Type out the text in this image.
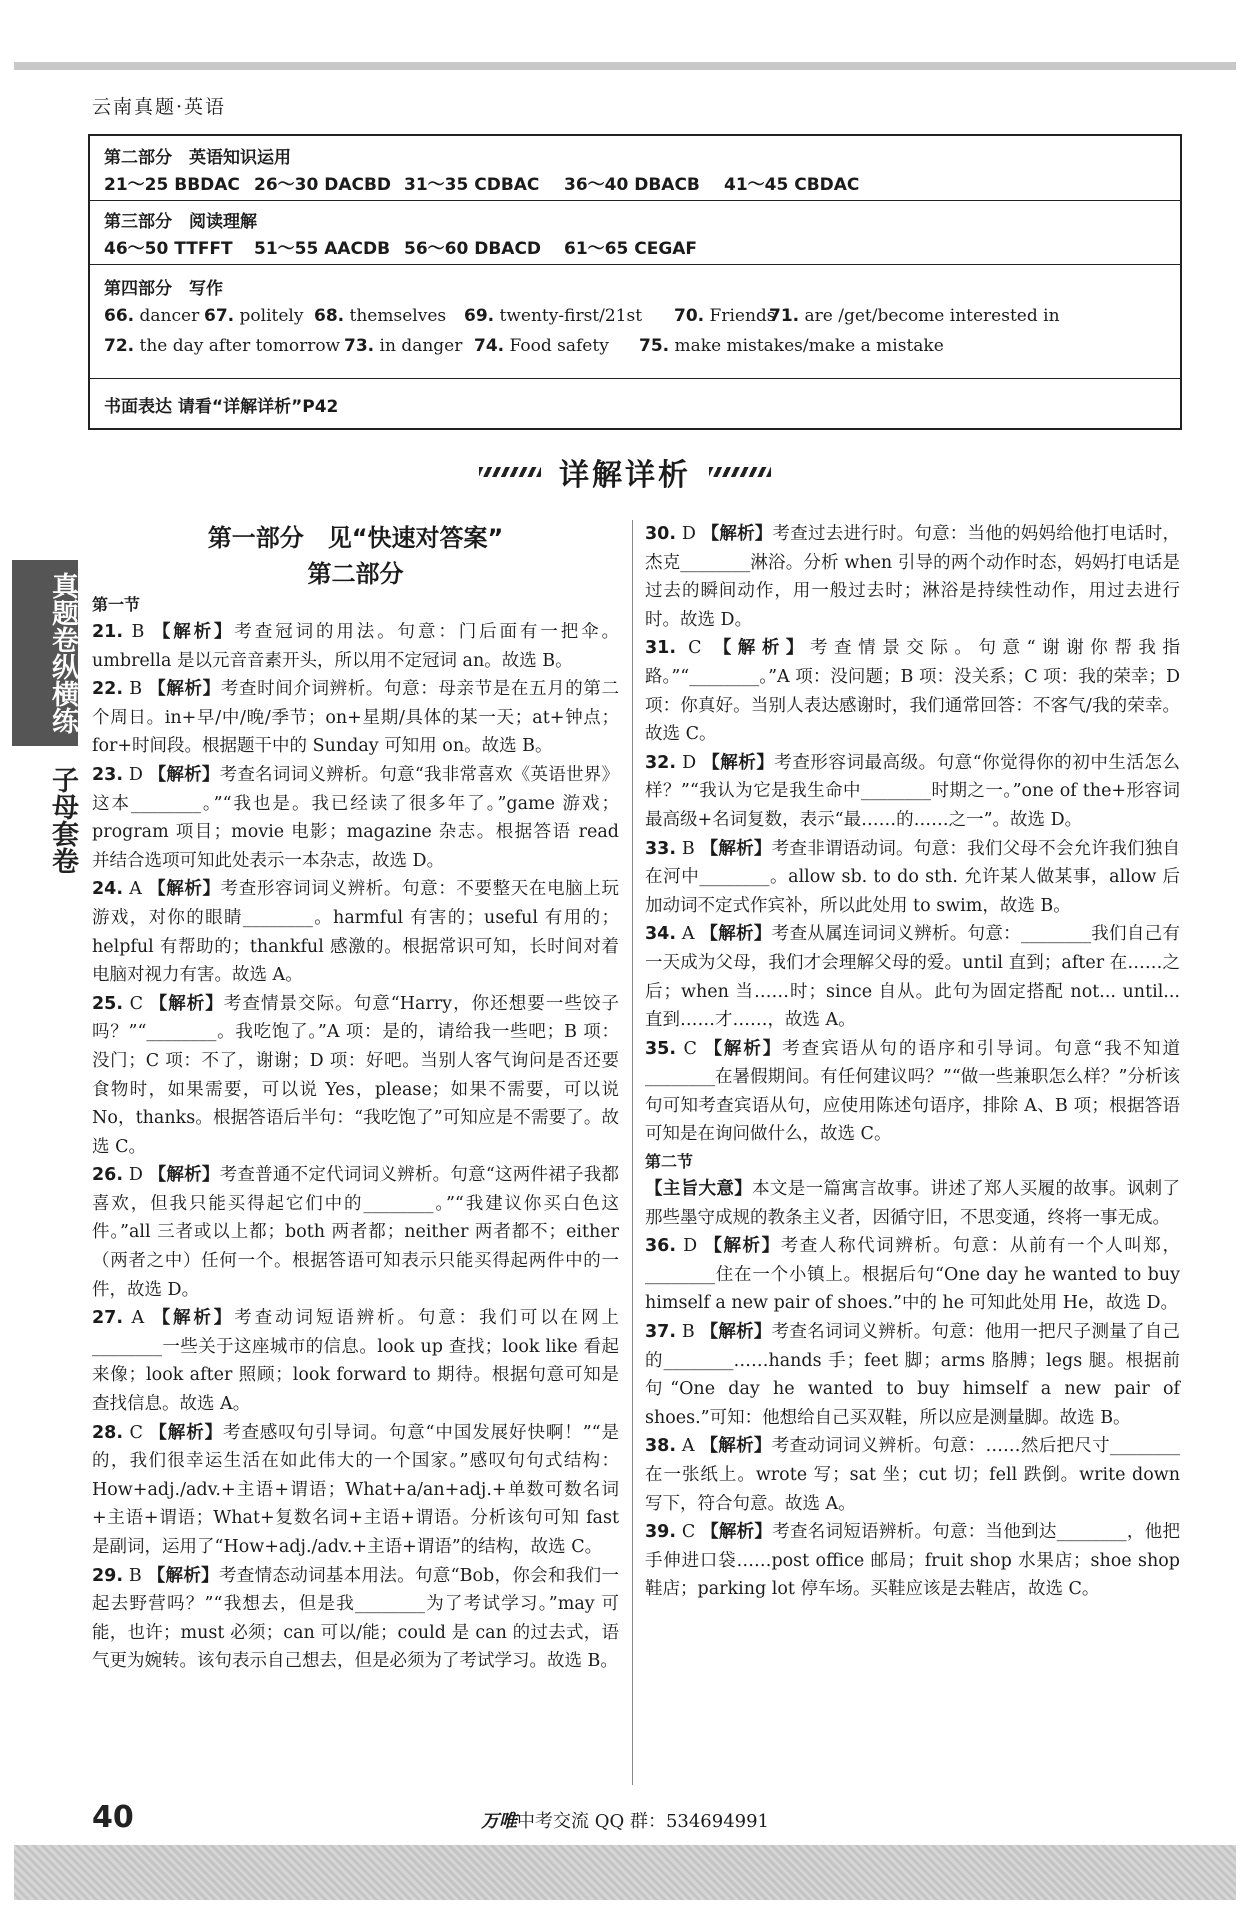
云南真题·英语
第二部分　英语知识运用
21～25 BBDAC 26～30 DACBD 31～35 CDBAC 36～40 DBACB 41～45 CBDAC
第三部分　阅读理解
46～50 TTFFT 51～55 AACDB 56～60 DBACD 61～65 CEGAF
第四部分　写作
66. dancer 67. politely 68. themselves 69. twenty-first/21st 70. Friends71. are /get/become interested in
72. the day after tomorrow 73. in danger 74. Food safety 75. make mistakes/make a mistake
书面表达 请看“详解详析”P42
详解详析
真题卷纵横练
子母套卷
第一部分　见“快速对答案”
第二部分
第一节

21. B 【解析】考查冠词的用法。句意：门后面有一把伞。umbrella 是以元音音素开头，所以用不定冠词 an。故选 B。

22. B 【解析】考查时间介词辨析。句意：母亲节是在五月的第二个周日。in+早/中/晚/季节；on+星期/具体的某一天；at+钟点；for+时间段。根据题干中的 Sunday 可知用 on。故选 B。

23. D 【解析】考查名词词义辨析。句意“我非常喜欢《英语世界》这本________。”“我也是。我已经读了很多年了。”game 游戏；program 项目；movie 电影；magazine 杂志。根据答语 read 并结合选项可知此处表示一本杂志，故选 D。

24. A 【解析】考查形容词词义辨析。句意：不要整天在电脑上玩游戏，对你的眼睛________。harmful 有害的；useful 有用的；helpful 有帮助的；thankful 感激的。根据常识可知，长时间对着电脑对视力有害。故选 A。

25. C 【解析】考查情景交际。句意“Harry，你还想要一些饺子吗？”“________。我吃饱了。”A 项：是的，请给我一些吧；B 项：没门；C 项：不了，谢谢；D 项：好吧。当别人客气询问是否还要食物时，如果需要，可以说 Yes，please；如果不需要，可以说 No，thanks。根据答语后半句：“我吃饱了”可知应是不需要了。故选 C。

26. D 【解析】考查普通不定代词词义辨析。句意“这两件裙子我都喜欢，但我只能买得起它们中的________。”“我建议你买白色这件。”all 三者或以上都；both 两者都；neither 两者都不；either（两者之中）任何一个。根据答语可知表示只能买得起两件中的一件，故选 D。

27. A 【解析】考查动词短语辨析。句意：我们可以在网上________一些关于这座城市的信息。look up 查找；look like 看起来像；look after 照顾；look forward to 期待。根据句意可知是查找信息。故选 A。

28. C 【解析】考查感叹句引导词。句意“中国发展好快啊！”“是的，我们很幸运生活在如此伟大的一个国家。”感叹句句式结构：How+adj./adv.+主语+谓语；What+a/an+adj.+单数可数名词+主语+谓语；What+复数名词+主语+谓语。分析该句可知 fast 是副词，运用了“How+adj./adv.+主语+谓语”的结构，故选 C。

29. B 【解析】考查情态动词基本用法。句意“Bob，你会和我们一起去野营吗？”“我想去，但是我________为了考试学习。”may 可能，也许；must 必须；can 可以/能；could 是 can 的过去式，语气更为婉转。该句表示自己想去，但是必须为了考试学习。故选 B。

30. D 【解析】考查过去进行时。句意：当他的妈妈给他打电话时，杰克________淋浴。分析 when 引导的两个动作时态，妈妈打电话是过去的瞬间动作，用一般过去时；淋浴是持续性动作，用过去进行时。故选 D。

31. C 【解析】考查情景交际。句意“谢谢你帮我指路。”“________。”A 项：没问题；B 项：没关系；C 项：我的荣幸；D 项：你真好。当别人表达感谢时，我们通常回答：不客气/我的荣幸。故选 C。

32. D 【解析】考查形容词最高级。句意“你觉得你的初中生活怎么样？”“我认为它是我生命中________时期之一。”one of the+形容词最高级+名词复数，表示“最……的……之一”。故选 D。

33. B 【解析】考查非谓语动词。句意：我们父母不会允许我们独自在河中________。allow sb. to do sth. 允许某人做某事，allow 后加动词不定式作宾补，所以此处用 to swim，故选 B。

34. A 【解析】考查从属连词词义辨析。句意：________我们自己有一天成为父母，我们才会理解父母的爱。until 直到；after 在……之后；when 当……时；since 自从。此句为固定搭配 not... until... 直到……才……，故选 A。

35. C 【解析】考查宾语从句的语序和引导词。句意“我不知道________在暑假期间。有任何建议吗？”“做一些兼职怎么样？”分析该句可知考查宾语从句，应使用陈述句语序，排除 A、B 项；根据答语可知是在询问做什么，故选 C。

第二节

【主旨大意】本文是一篇寓言故事。讲述了郑人买履的故事。讽刺了那些墨守成规的教条主义者，因循守旧，不思变通，终将一事无成。

36. D 【解析】考查人称代词辨析。句意：从前有一个人叫郑，________住在一个小镇上。根据后句“One day he wanted to buy himself a new pair of shoes.”中的 he 可知此处用 He，故选 D。

37. B 【解析】考查名词词义辨析。句意：他用一把尺子测量了自己的________……hands 手；feet 脚；arms 胳膊；legs 腿。根据前句“One day he wanted to buy himself a new pair of shoes.”可知：他想给自己买双鞋，所以应是测量脚。故选 B。

38. A 【解析】考查动词词义辨析。句意：……然后把尺寸________在一张纸上。wrote 写；sat 坐；cut 切；fell 跌倒。write down 写下，符合句意。故选 A。

39. C 【解析】考查名词短语辨析。句意：当他到达________，他把手伸进口袋……post office 邮局；fruit shop 水果店；shoe shop 鞋店；parking lot 停车场。买鞋应该是去鞋店，故选 C。

40	万唯中考交流 QQ 群：534694991
